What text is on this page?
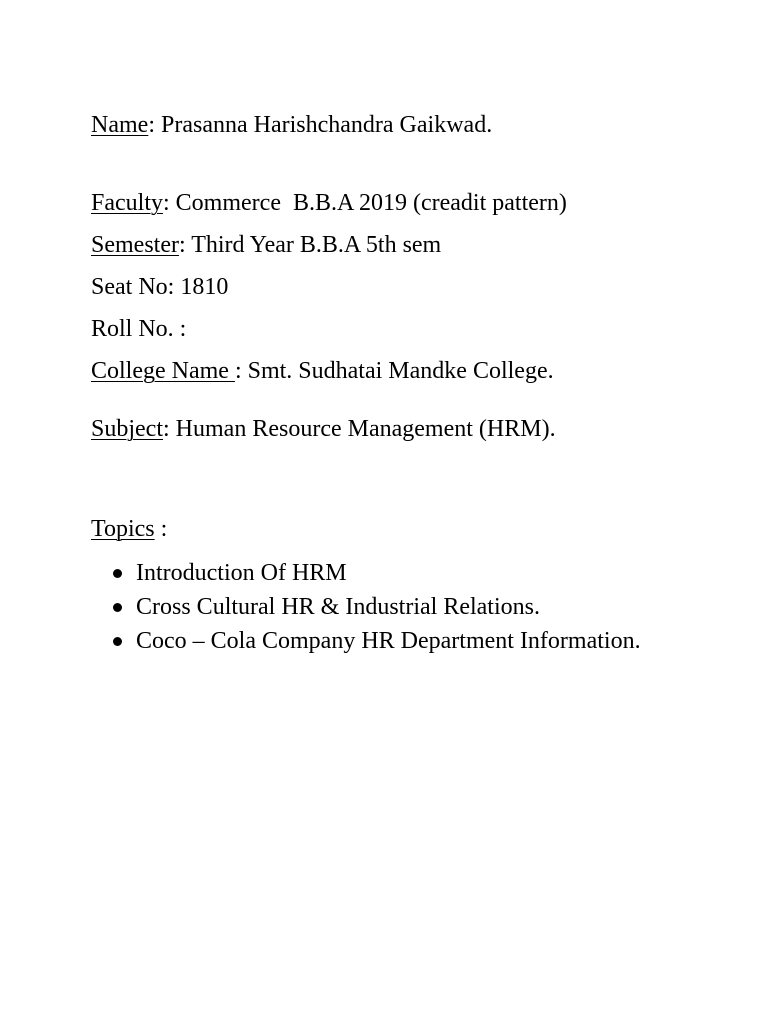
Name: Prasanna Harishchandra Gaikwad.
Faculty: Commerce  B.B.A 2019 (creadit pattern)
Semester: Third Year B.B.A 5th sem
Seat No: 1810
Roll No. :
College Name : Smt. Sudhatai Mandke College.
Subject: Human Resource Management (HRM).
Topics :
Introduction Of HRM
Cross Cultural HR & Industrial Relations.
Coco – Cola Company HR Department Information.
